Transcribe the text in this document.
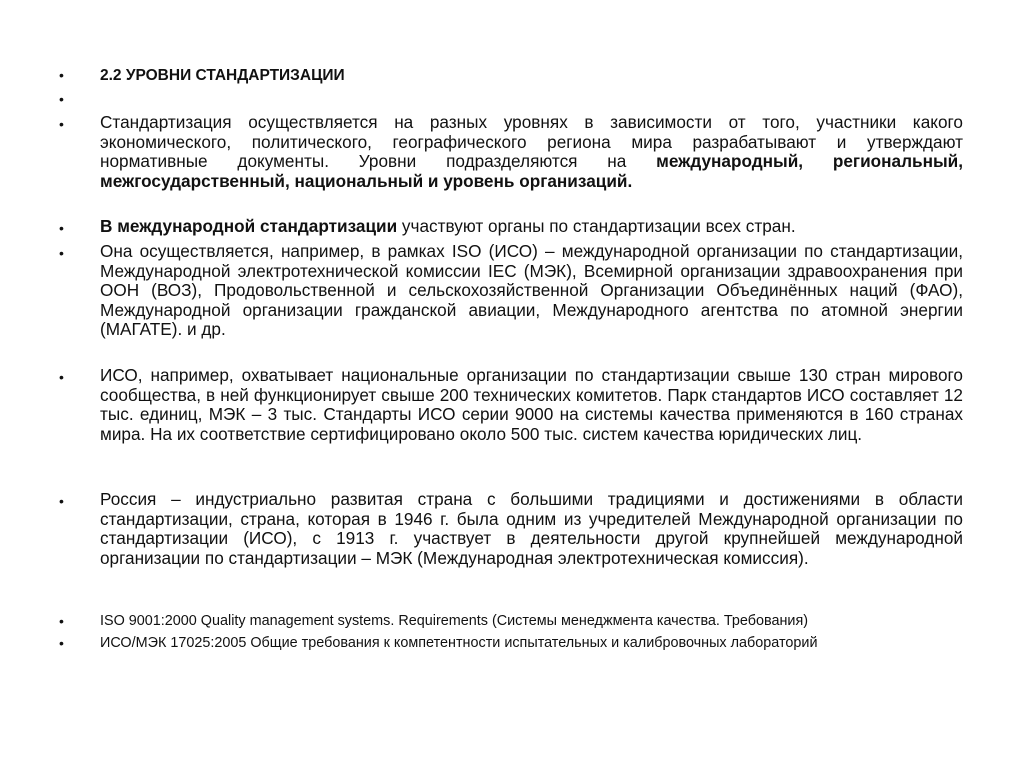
•	2.2 УРОВНИ СТАНДАРТИЗАЦИИ
•
•	Стандартизация осуществляется на разных уровнях в зависимости от того, участники какого экономического, политического, географического региона мира разрабатывают и утверждают нормативные документы. Уровни подразделяются на международный, региональный, межгосударственный, национальный и уровень организаций.
•	В международной стандартизации участвуют органы по стандартизации всех стран.
•	Она осуществляется, например, в рамках ISO (ИСО) – международной организации по стандартизации, Международной электротехнической комиссии IEC (МЭК), Всемирной организации здравоохранения при ООН (ВОЗ), Продовольственной и сельскохозяйственной Организации Объединённых наций (ФАО), Международной организации гражданской авиации, Международного агентства по атомной энергии (МАГАТЕ). и др.
•	ИСО, например, охватывает национальные организации по стандартизации свыше 130 стран мирового сообщества, в ней функционирует свыше 200 технических комитетов. Парк стандартов ИСО составляет 12 тыс. единиц, МЭК – 3 тыс. Стандарты ИСО серии 9000 на системы качества применяются в 160 странах мира. На их соответствие сертифицировано около 500 тыс. систем качества юридических лиц.
•	Россия – индустриально развитая страна с большими традициями и достижениями в области стандартизации, страна, которая в 1946 г. была одним из учредителей Международной организации по стандартизации (ИСО), с 1913 г. участвует в деятельности другой крупнейшей международной организации по стандартизации – МЭК (Международная электротехническая комиссия).
•	ISO 9001:2000 Quality management systems. Requirements (Системы менеджмента качества. Требования)
•	ИСО/МЭК 17025:2005 Общие требования к компетентности испытательных и калибровочных лабораторий
